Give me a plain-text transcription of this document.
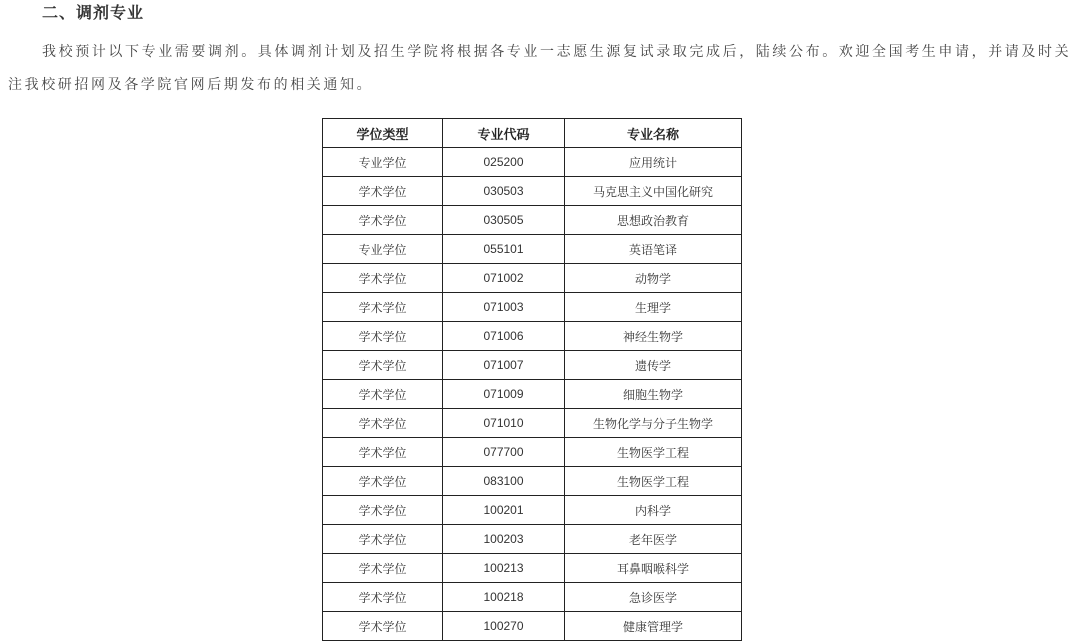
二、调剂专业

我校预计以下专业需要调剂。具体调剂计划及招生学院将根据各专业一志愿生源复试录取完成后，陆续公布。欢迎全国考生申请，并请及时关注我校研招网及各学院官网后期发布的相关通知。

学位类型	专业代码	专业名称
专业学位	025200	应用统计
学术学位	030503	马克思主义中国化研究
学术学位	030505	思想政治教育
专业学位	055101	英语笔译
学术学位	071002	动物学
学术学位	071003	生理学
学术学位	071006	神经生物学
学术学位	071007	遗传学
学术学位	071009	细胞生物学
学术学位	071010	生物化学与分子生物学
学术学位	077700	生物医学工程
学术学位	083100	生物医学工程
学术学位	100201	内科学
学术学位	100203	老年医学
学术学位	100213	耳鼻咽喉科学
学术学位	100218	急诊医学
学术学位	100270	健康管理学
